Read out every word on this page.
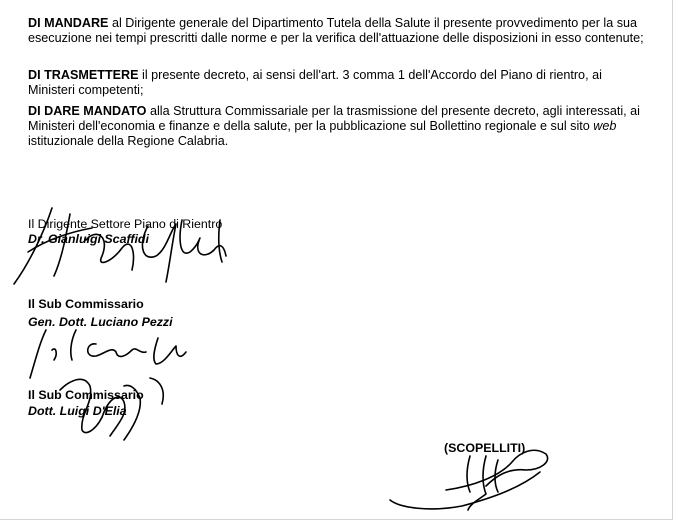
DI MANDARE al Dirigente generale del Dipartimento Tutela della Salute il presente provvedimento per la sua esecuzione nei tempi prescritti dalle norme e per la verifica dell'attuazione delle disposizioni in esso contenute;

DI TRASMETTERE il presente decreto, ai sensi dell'art. 3 comma 1 dell'Accordo del Piano di rientro, ai Ministeri competenti;

DI DARE MANDATO alla Struttura Commissariale per la trasmissione del presente decreto, agli interessati, ai Ministeri dell'economia e finanze e della salute, per la pubblicazione sul Bollettino regionale e sul sito web istituzionale della Regione Calabria.

Il Dirigente Settore Piano di Rientro
Dr. Gianluigi Scaffidi
Il Sub Commissario
Gen. Dott. Luciano Pezzi
Il Sub Commissario
Dott. Luigi D'Elia
(SCOPELLITI)
